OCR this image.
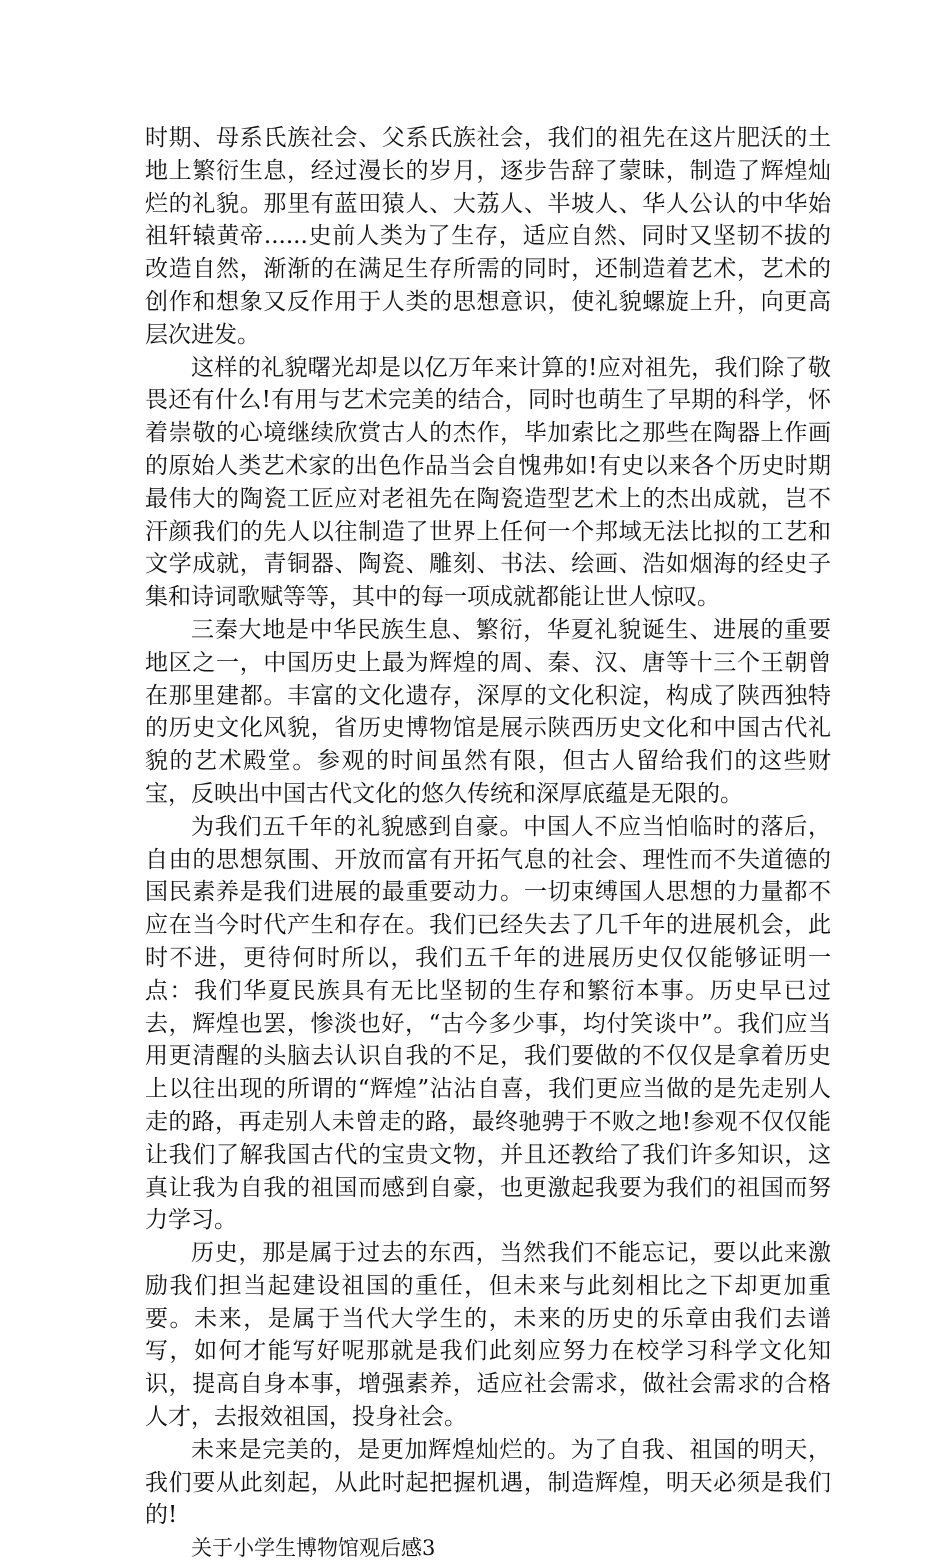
时期、母系氏族社会、父系氏族社会，我们的祖先在这片肥沃的土地上繁衍生息，经过漫长的岁月，逐步告辞了蒙昧，制造了辉煌灿烂的礼貌。那里有蓝田猿人、大荔人、半坡人、华人公认的中华始祖轩辕黄帝......史前人类为了生存，适应自然、同时又坚韧不拔的改造自然，渐渐的在满足生存所需的同时，还制造着艺术，艺术的创作和想象又反作用于人类的思想意识，使礼貌螺旋上升，向更高层次进发。

这样的礼貌曙光却是以亿万年来计算的!应对祖先，我们除了敬畏还有什么!有用与艺术完美的结合，同时也萌生了早期的科学，怀着崇敬的心境继续欣赏古人的杰作，毕加索比之那些在陶器上作画的原始人类艺术家的出色作品当会自愧弗如!有史以来各个历史时期最伟大的陶瓷工匠应对老祖先在陶瓷造型艺术上的杰出成就，岂不汗颜我们的先人以往制造了世界上任何一个邦域无法比拟的工艺和文学成就，青铜器、陶瓷、雕刻、书法、绘画、浩如烟海的经史子集和诗词歌赋等等，其中的每一项成就都能让世人惊叹。

三秦大地是中华民族生息、繁衍，华夏礼貌诞生、进展的重要地区之一，中国历史上最为辉煌的周、秦、汉、唐等十三个王朝曾在那里建都。丰富的文化遗存，深厚的文化积淀，构成了陕西独特的历史文化风貌，省历史博物馆是展示陕西历史文化和中国古代礼貌的艺术殿堂。参观的时间虽然有限，但古人留给我们的这些财宝，反映出中国古代文化的悠久传统和深厚底蕴是无限的。

为我们五千年的礼貌感到自豪。中国人不应当怕临时的落后，自由的思想氛围、开放而富有开拓气息的社会、理性而不失道德的国民素养是我们进展的最重要动力。一切束缚国人思想的力量都不应在当今时代产生和存在。我们已经失去了几千年的进展机会，此时不进，更待何时所以，我们五千年的进展历史仅仅能够证明一点：我们华夏民族具有无比坚韧的生存和繁衍本事。历史早已过去，辉煌也罢，惨淡也好，“古今多少事，均付笑谈中”。我们应当用更清醒的头脑去认识自我的不足，我们要做的不仅仅是拿着历史上以往出现的所谓的“辉煌”沾沾自喜，我们更应当做的是先走别人走的路，再走别人未曾走的路，最终驰骋于不败之地!参观不仅仅能让我们了解我国古代的宝贵文物，并且还教给了我们许多知识，这真让我为自我的祖国而感到自豪，也更激起我要为我们的祖国而努力学习。

历史，那是属于过去的东西，当然我们不能忘记，要以此来激励我们担当起建设祖国的重任，但未来与此刻相比之下却更加重要。未来，是属于当代大学生的，未来的历史的乐章由我们去谱写，如何才能写好呢那就是我们此刻应努力在校学习科学文化知识，提高自身本事，增强素养，适应社会需求，做社会需求的合格人才，去报效祖国，投身社会。

未来是完美的，是更加辉煌灿烂的。为了自我、祖国的明天，我们要从此刻起，从此时起把握机遇，制造辉煌，明天必须是我们的!

关于小学生博物馆观后感3
